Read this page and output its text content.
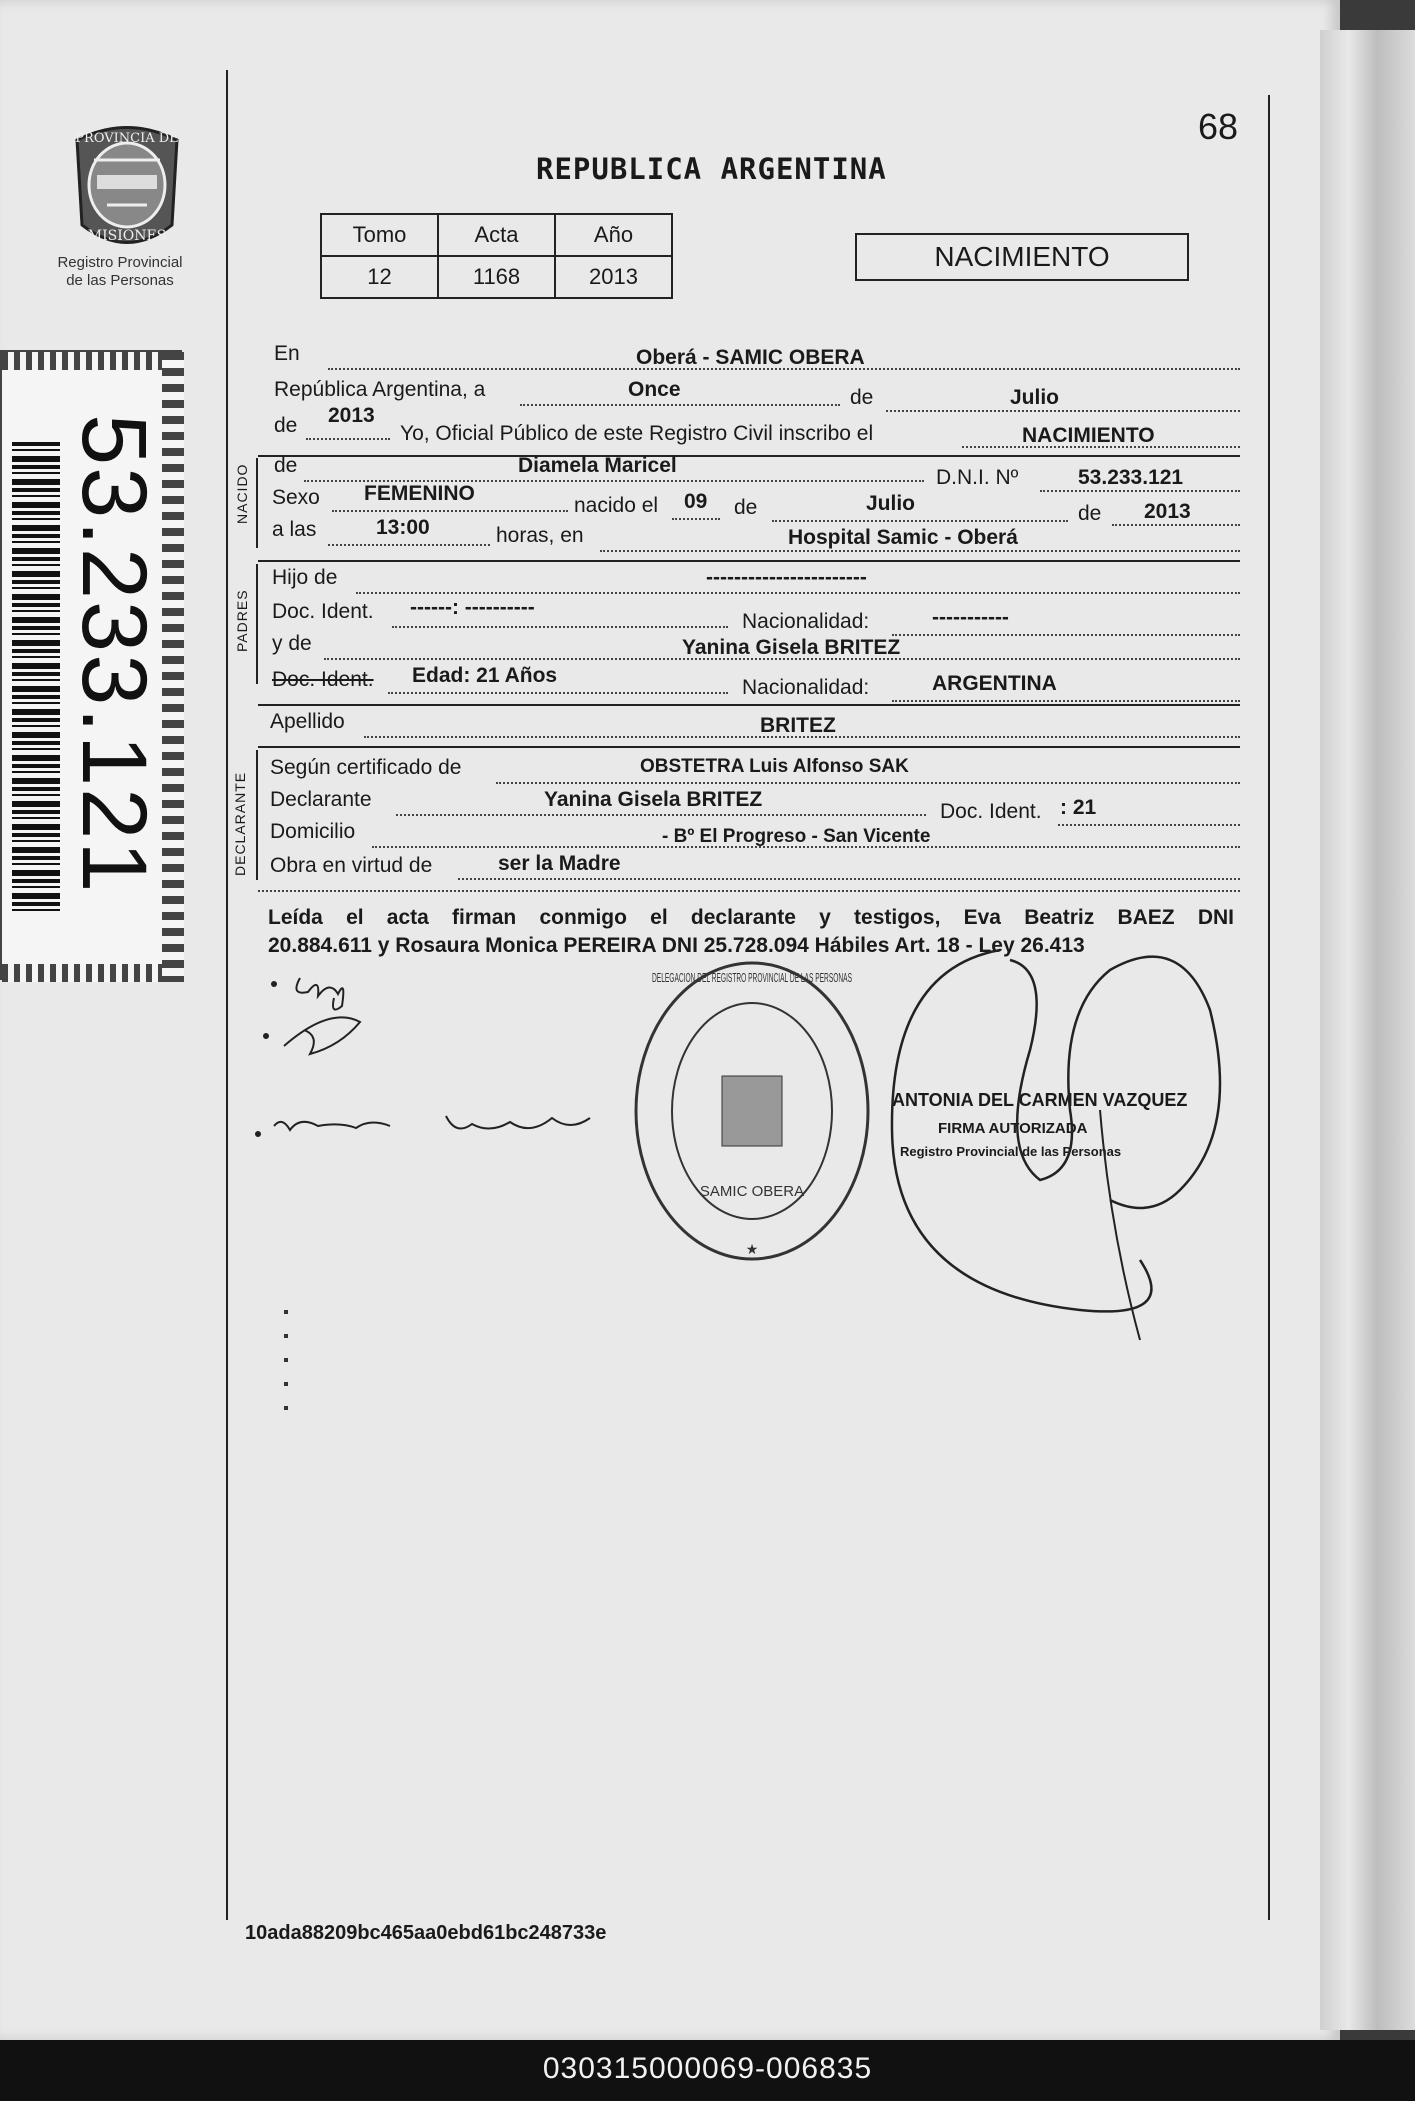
68
REPUBLICA ARGENTINA
PROVINCIA DE
MISIONES
Registro Provincial
de las Personas
53.233.121
Tomo	Acta	Año
12	1168	2013
NACIMIENTO
En	Oberá - SAMIC OBERA
República Argentina, a	Once	de	Julio
de 2013
Yo, Oficial Público de este Registro Civil inscribo el	NACIMIENTO
NACIDO de	Diamela Maricel
D.N.I. Nº	53.233.121
Sexo FEMENINO
nacido el 09 de	Julio	de 2013
a las	13:00	horas, en	Hospital Samic - Oberá
PADRES
Hijo de	-----------------------
Doc. Ident. ------: ----------
Nacionalidad:	-----------
y de	Yanina Gisela BRITEZ
Doc. Ident. Edad: 21 Años
Nacionalidad:	ARGENTINA
Apellido	BRITEZ
DECLARANTE
Según certificado de	OBSTETRA Luis Alfonso SAK
Declarante	Yanina Gisela BRITEZ
Doc. Ident. : 21
Domicilio	- Bº El Progreso - San Vicente
Obra en virtud de	ser la Madre
Leída el acta firman conmigo el declarante y testigos, Eva Beatriz BAEZ DNI
20.884.611 y Rosaura Monica PEREIRA DNI 25.728.094 Hábiles Art. 18 - Ley 26.413
SAMIC OBERA
DELEGACION DEL REGISTRO PROVINCIAL DE LAS PERSONAS
★
ANTONIA DEL CARMEN VAZQUEZ
FIRMA AUTORIZADA
Registro Provincial de las Personas
10ada88209bc465aa0ebd61bc248733e
030315000069-006835
